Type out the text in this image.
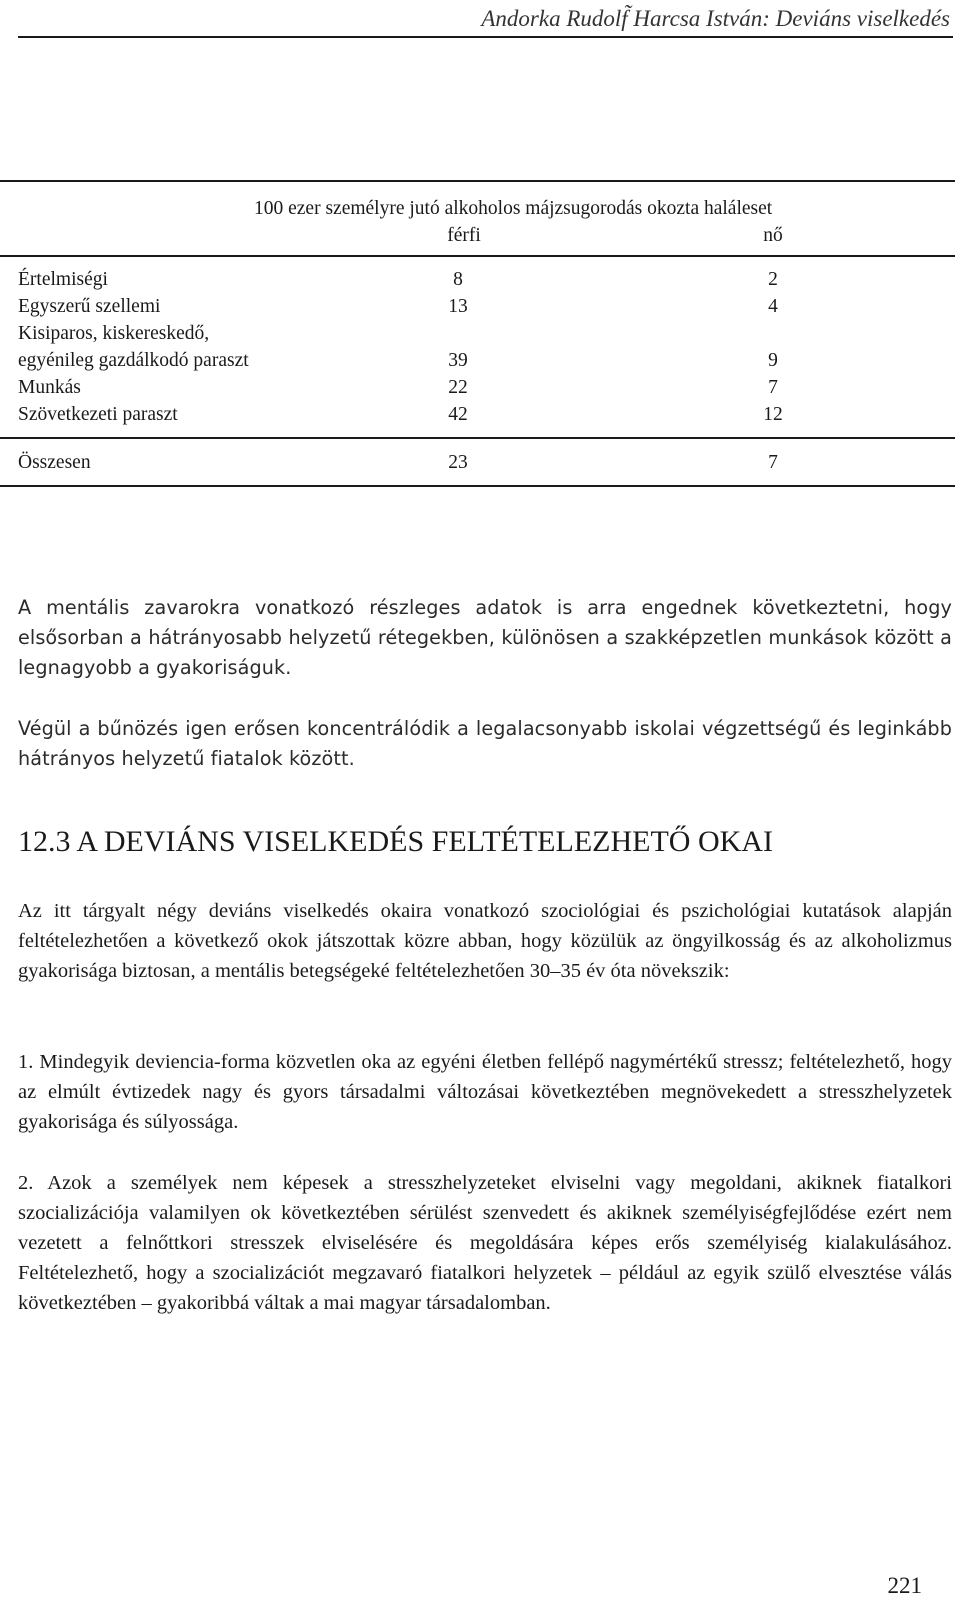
Andorka Rudolf̃ Harcsa István: Deviáns viselkedés
100 ezer személyre jutó alkoholos májzsugorodás okozta haláleset
férfi	nő
Értelmiségi	8	2
Egyszerű szellemi	13	4
Kisiparos, kiskereskedő,
egyénileg gazdálkodó paraszt	39	9
Munkás	22	7
Szövetkezeti paraszt	42	12
Összesen	23	7

A mentális zavarokra vonatkozó részleges adatok is arra engednek következtetni, hogy elsősorban a hátrányosabb helyzetű rétegekben, különösen a szakképzetlen munkások között a legnagyobb a gyakoriságuk.

Végül a bűnözés igen erősen koncentrálódik a legalacsonyabb iskolai végzettségű és leginkább hátrányos helyzetű fiatalok között.

12.3 A DEVIÁNS VISELKEDÉS FELTÉTELEZHETŐ OKAI

Az itt tárgyalt négy deviáns viselkedés okaira vonatkozó szociológiai és pszichológiai kutatások alapján feltételezhetően a következő okok játszottak közre abban, hogy közülük az öngyilkosság és az alkoholizmus gyakorisága biztosan, a mentális betegségeké feltételezhetően 30–35 év óta növekszik:

1. Mindegyik deviencia-forma közvetlen oka az egyéni életben fellépő nagymértékű stressz; feltételezhető, hogy az elmúlt évtizedek nagy és gyors társadalmi változásai következtében megnövekedett a stresszhelyzetek gyakorisága és súlyossága.

2. Azok a személyek nem képesek a stresszhelyzeteket elviselni vagy megoldani, akiknek fiatalkori szocializációja valamilyen ok következtében sérülést szenvedett és akiknek személyiségfejlődése ezért nem vezetett a felnőttkori stresszek elviselésére és megoldására képes erős személyiség kialakulásához. Feltételezhető, hogy a szocializációt megzavaró fiatalkori helyzetek – például az egyik szülő elvesztése válás következtében – gyakoribbá váltak a mai magyar társadalomban.

221
